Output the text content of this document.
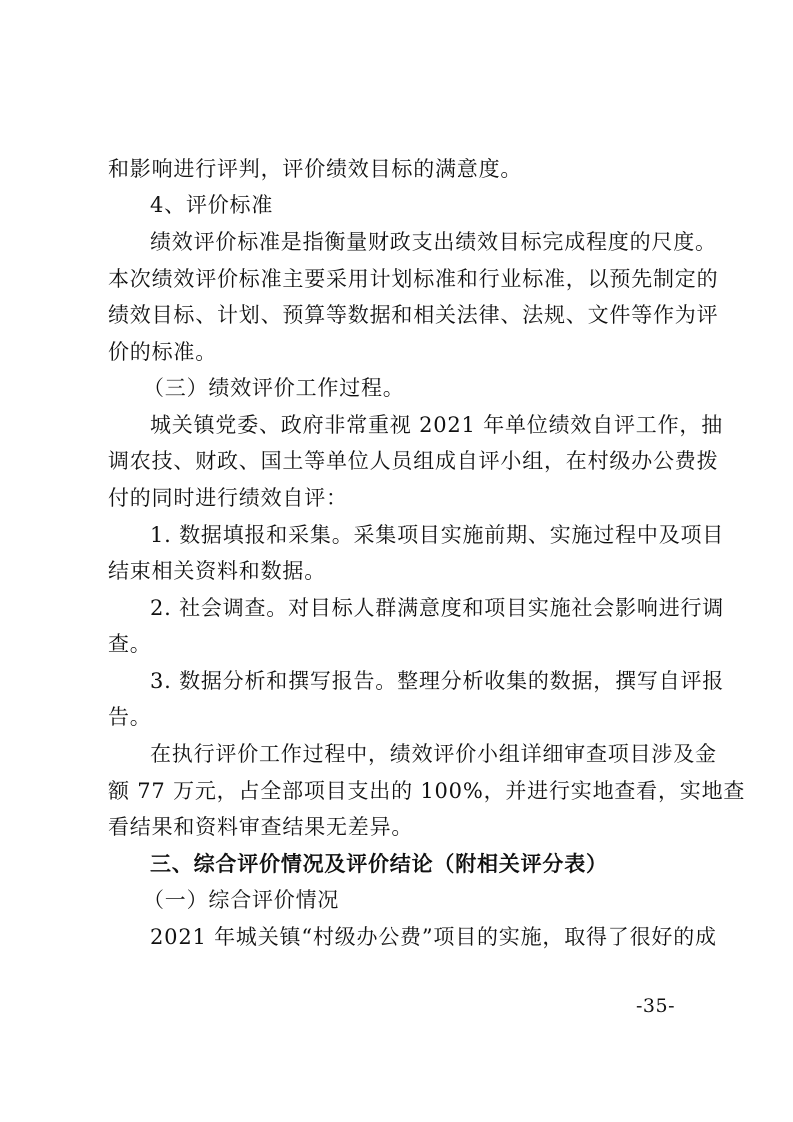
和影响进行评判，评价绩效目标的满意度。
4、评价标准
绩效评价标准是指衡量财政支出绩效目标完成程度的尺度。
本次绩效评价标准主要采用计划标准和行业标准，以预先制定的
绩效目标、计划、预算等数据和相关法律、法规、文件等作为评
价的标准。
（三）绩效评价工作过程。
城关镇党委、政府非常重视 2021 年单位绩效自评工作，抽
调农技、财政、国土等单位人员组成自评小组，在村级办公费拨
付的同时进行绩效自评：
1. 数据填报和采集。采集项目实施前期、实施过程中及项目
结束相关资料和数据。
2. 社会调查。对目标人群满意度和项目实施社会影响进行调
查。
3. 数据分析和撰写报告。整理分析收集的数据，撰写自评报
告。
在执行评价工作过程中，绩效评价小组详细审查项目涉及金
额 77 万元，占全部项目支出的 100%，并进行实地查看，实地查
看结果和资料审查结果无差异。
三、综合评价情况及评价结论（附相关评分表）
（一）综合评价情况
2021 年城关镇“村级办公费”项目的实施，取得了很好的成
-35-
